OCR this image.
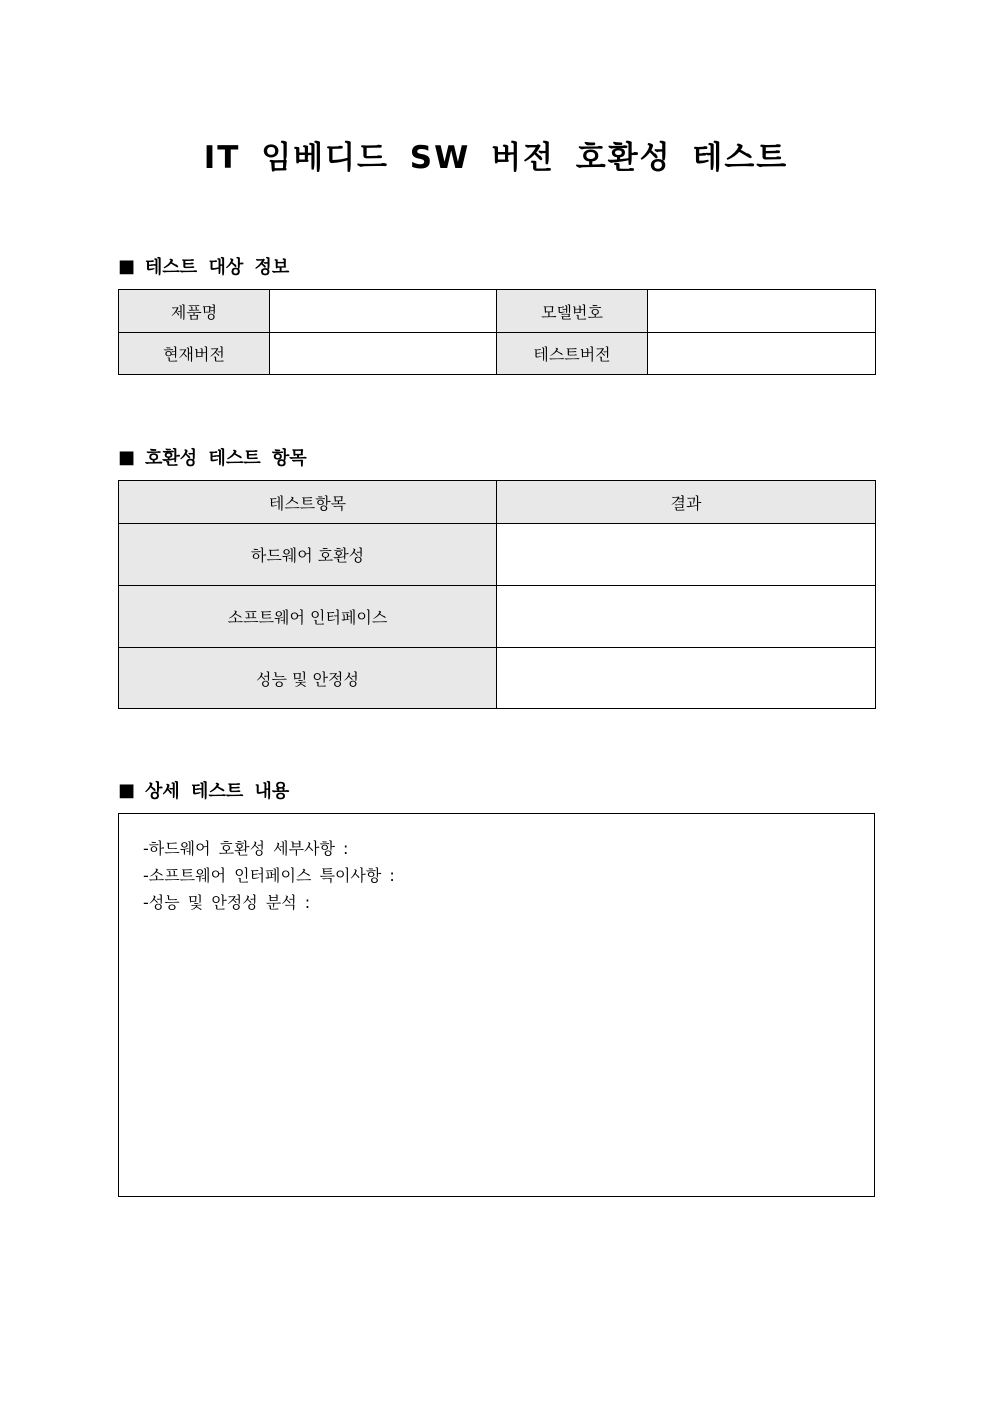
IT 임베디드 SW 버전 호환성 테스트
■ 테스트 대상 정보
제품명		모델번호	
현재버전		테스트버전	
■ 호환성 테스트 항목
테스트항목	결과
하드웨어 호환성	
소프트웨어 인터페이스	
성능 및 안정성	
■ 상세 테스트 내용
-하드웨어 호환성 세부사항 :
-소프트웨어 인터페이스 특이사항 :
-성능 및 안정성 분석 :
